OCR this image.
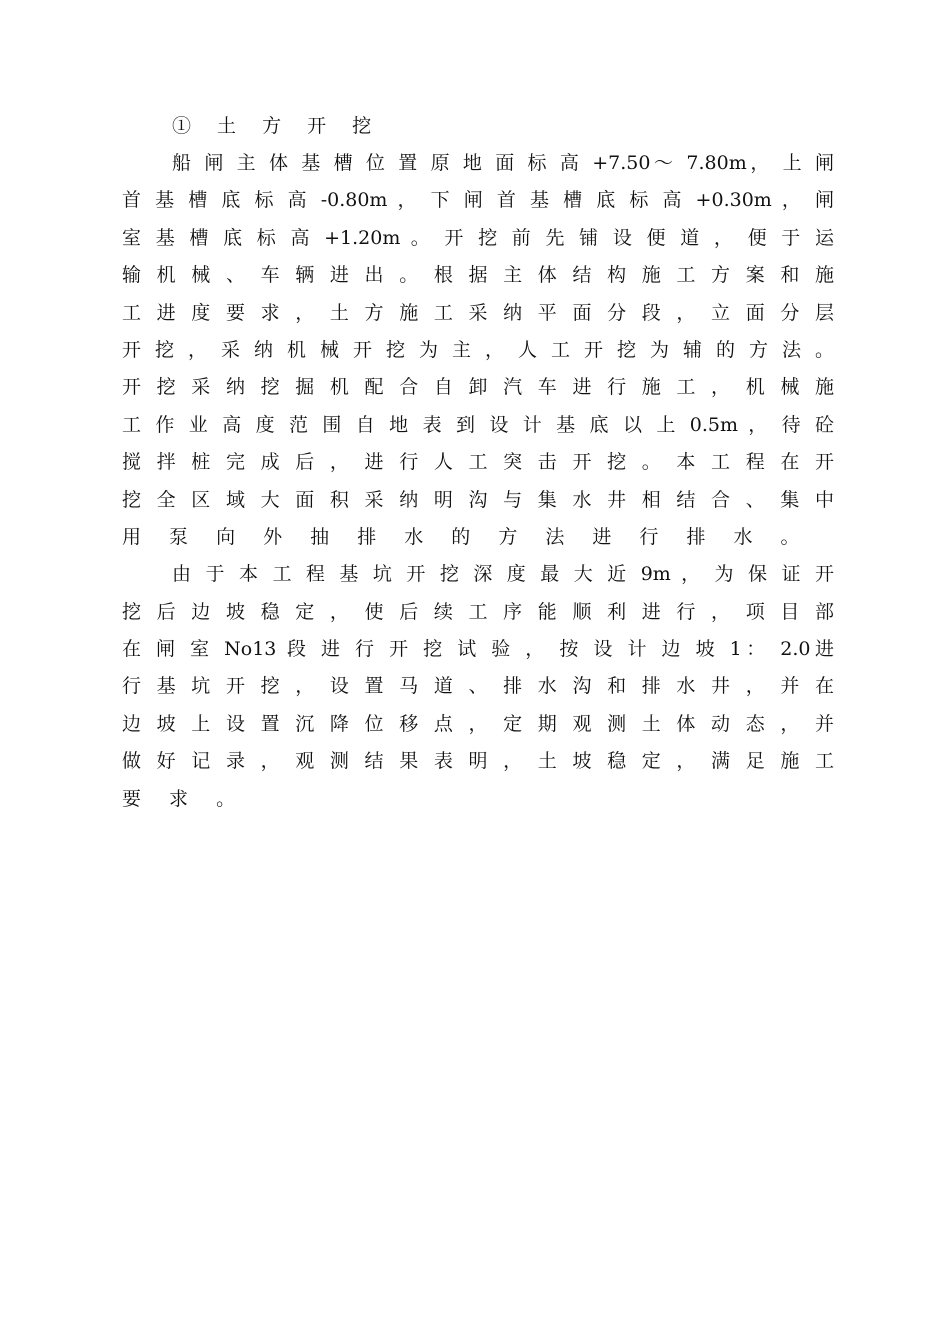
① 土 方 开 挖
船 闸 主 体 基 槽 位 置 原 地 面 标 高 +7.50～ 7.80m， 上 闸
首 基 槽 底 标 高 -0.80m ， 下 闸 首 基 槽 底 标 高 +0.30m ， 闸
室 基 槽 底 标 高 +1.20m 。 开 挖 前 先 铺 设 便 道 ， 便 于 运
输 机 械 、 车 辆 进 出 。 根 据 主 体 结 构 施 工 方 案 和 施
工 进 度 要 求 ， 土 方 施 工 采 纳 平 面 分 段 ， 立 面 分 层
开 挖 ， 采 纳 机 械 开 挖 为 主 ， 人 工 开 挖 为 辅 的 方 法 。
开 挖 采 纳 挖 掘 机 配 合 自 卸 汽 车 进 行 施 工 ， 机 械 施
工 作 业 高 度 范 围 自 地 表 到 设 计 基 底 以 上 0.5m ， 待 砼
搅 拌 桩 完 成 后 ， 进 行 人 工 突 击 开 挖 。 本 工 程 在 开
挖 全 区 域 大 面 积 采 纳 明 沟 与 集 水 井 相 结 合 、 集 中
用 泵 向 外 抽 排 水 的 方 法 进 行 排 水 。
由 于 本 工 程 基 坑 开 挖 深 度 最 大 近 9m ， 为 保 证 开
挖 后 边 坡 稳 定 ， 使 后 续 工 序 能 顺 利 进 行 ， 项 目 部
在 闸 室 No13 段 进 行 开 挖 试 验 ， 按 设 计 边 坡 1： 2.0进
行 基 坑 开 挖 ， 设 置 马 道 、 排 水 沟 和 排 水 井 ， 并 在
边 坡 上 设 置 沉 降 位 移 点 ， 定 期 观 测 土 体 动 态 ， 并
做 好 记 录 ， 观 测 结 果 表 明 ， 土 坡 稳 定 ， 满 足 施 工
要 求 。
